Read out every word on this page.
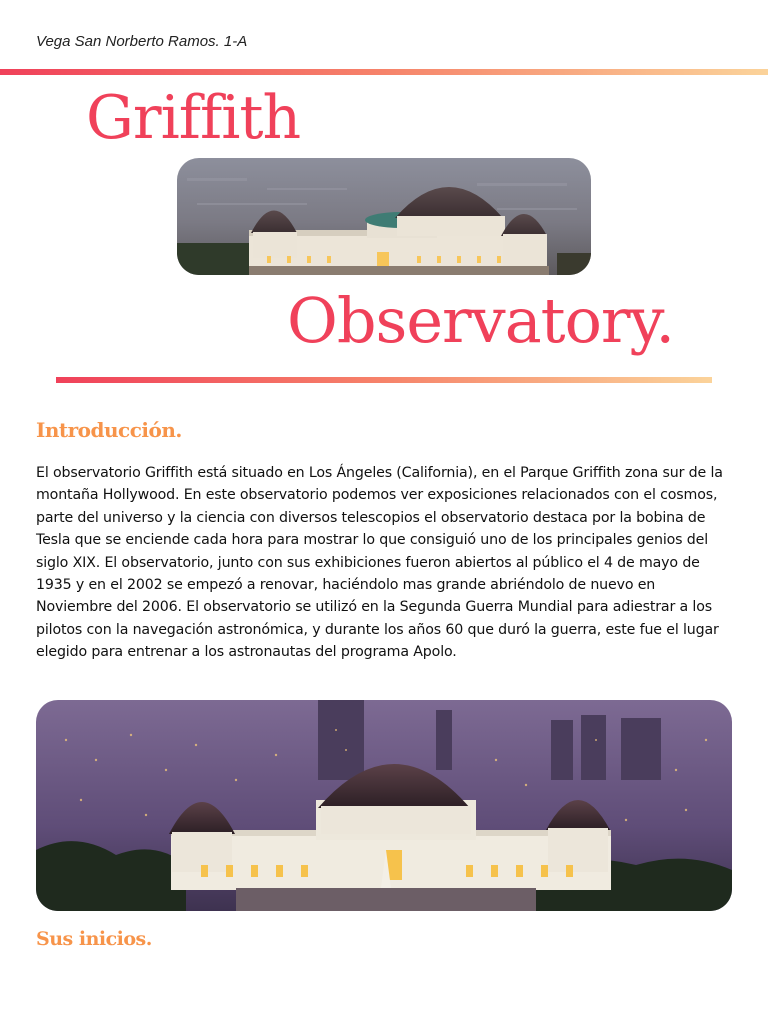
Vega San Norberto Ramos. 1-A
Griffith
Observatory.
Introducción.

El observatorio Griffith está situado en Los Ángeles (California), en el Parque Griffith zona sur de la montaña Hollywood. En este observatorio podemos ver exposiciones relacionados con el cosmos, parte del universo y la ciencia con diversos telescopios el observatorio destaca por la bobina de Tesla que se enciende cada hora para mostrar lo que consiguió uno de los principales genios del siglo XIX. El observatorio, junto con sus exhibiciones fueron abiertos al público el 4 de mayo de 1935 y en el 2002 se empezó a renovar, haciéndolo mas grande abriéndolo de nuevo en Noviembre del 2006. El observatorio se utilizó en la Segunda Guerra Mundial para adiestrar a los pilotos con la navegación astronómica, y durante los años 60 que duró la guerra, este fue el lugar elegido para entrenar a los astronautas del programa Apolo.

Sus inicios.
